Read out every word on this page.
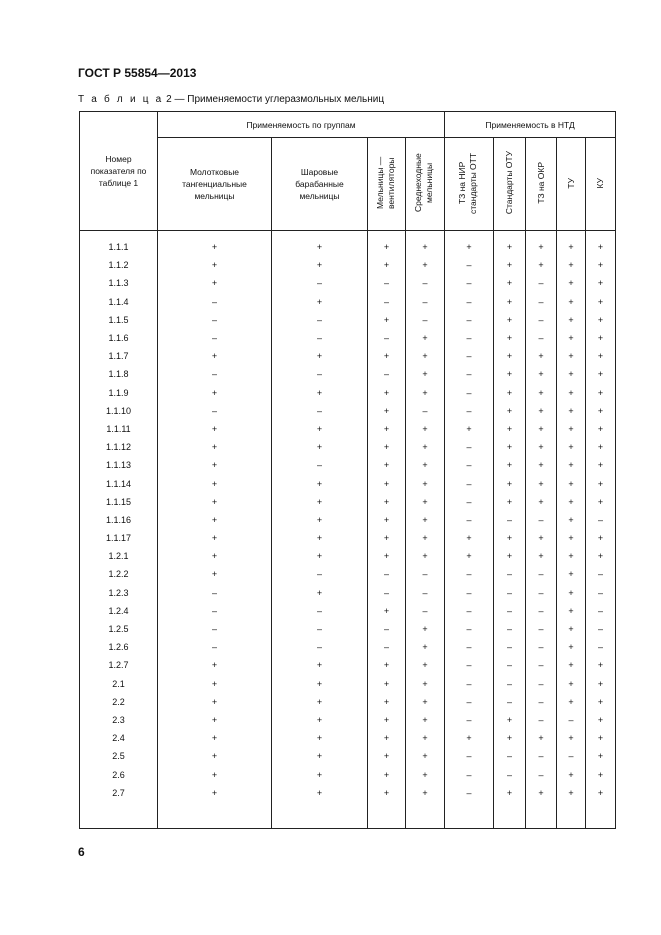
ГОСТ Р 55854—2013
Т а б л и ц а 2 — Применяемости углеразмольных мельниц
Номер показателя по таблице 1	Применяемость по группам				Применяемость в НТД				

	Молотковые тангенциальные мельницы	Шаровые барабанные мельницы	Мельницы — вентиляторы	Среднеходные мельницы	ТЗ на НИР стандарты ОТТ	Стандарты ОТУ	ТЗ на ОКР	ТУ	КУ

1.1.1	+	+	+	+	+	+	+	+	+
1.1.2	+	+	+	+	–	+	+	+	+
1.1.3	+	–	–	–	–	+	–	+	+
1.1.4	–	+	–	–	–	+	–	+	+
1.1.5	–	–	+	–	–	+	–	+	+
1.1.6	–	–	–	+	–	+	–	+	+
1.1.7	+	+	+	+	–	+	+	+	+
1.1.8	–	–	–	+	–	+	+	+	+
1.1.9	+	+	+	+	–	+	+	+	+
1.1.10	–	–	+	–	–	+	+	+	+
1.1.11	+	+	+	+	+	+	+	+	+
1.1.12	+	+	+	+	–	+	+	+	+
1.1.13	+	–	+	+	–	+	+	+	+
1.1.14	+	+	+	+	–	+	+	+	+
1.1.15	+	+	+	+	–	+	+	+	+
1.1.16	+	+	+	+	–	–	–	+	–
1.1.17	+	+	+	+	+	+	+	+	+
1.2.1	+	+	+	+	+	+	+	+	+
1.2.2	+	–	–	–	–	–	–	+	–
1.2.3	–	+	–	–	–	–	–	+	–
1.2.4	–	–	+	–	–	–	–	+	–
1.2.5	–	–	–	+	–	–	–	+	–
1.2.6	–	–	–	+	–	–	–	+	–
1.2.7	+	+	+	+	–	–	–	+	+
2.1	+	+	+	+	–	–	–	+	+
2.2	+	+	+	+	–	–	–	+	+
2.3	+	+	+	+	–	+	–	–	+
2.4	+	+	+	+	+	+	+	+	+
2.5	+	+	+	+	–	–	–	–	+
2.6	+	+	+	+	–	–	–	+	+
2.7	+	+	+	+	–	+	+	+	+

6
